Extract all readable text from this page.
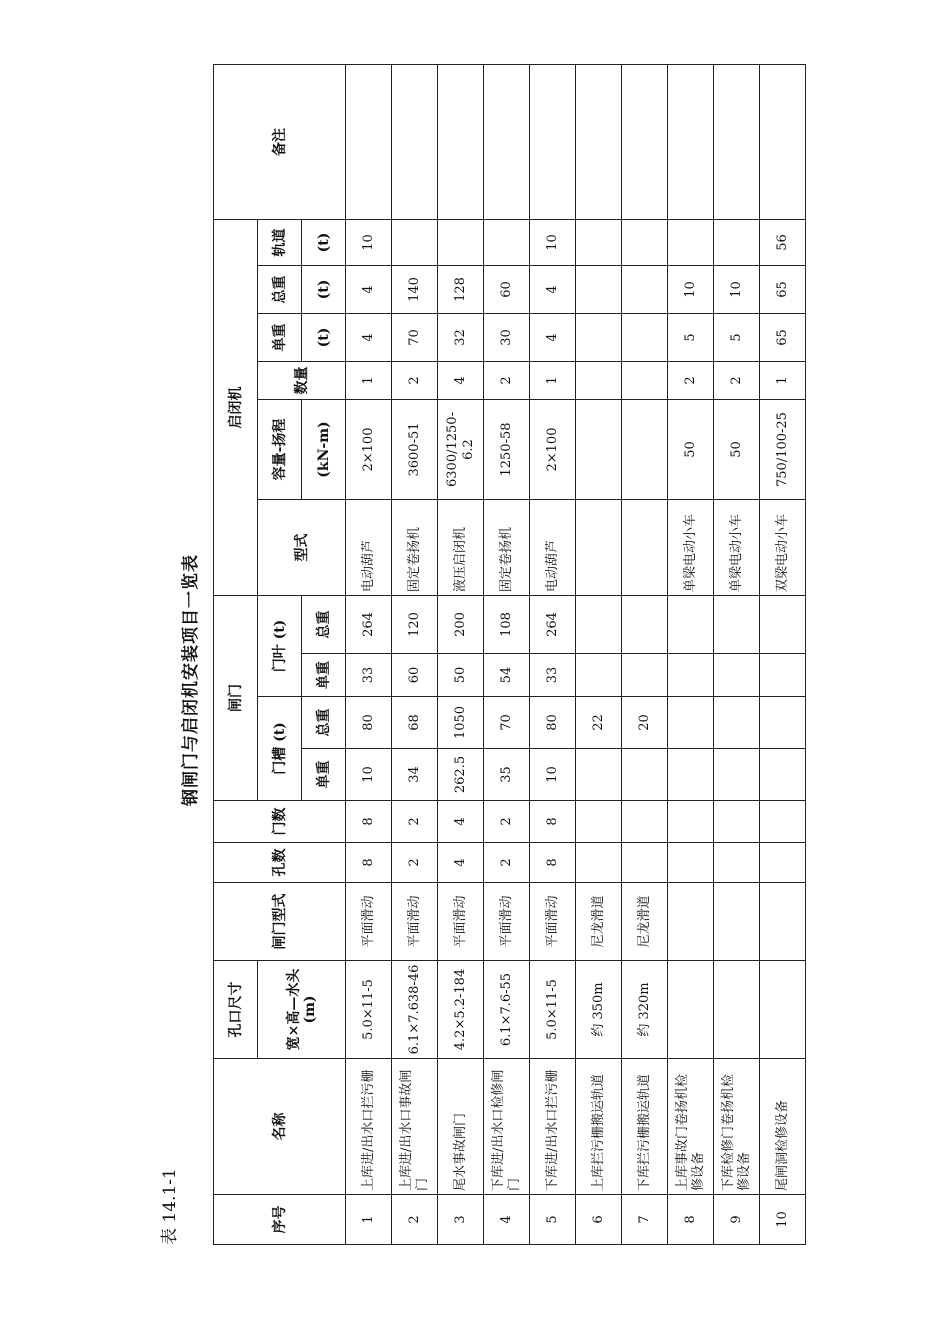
表 14.1-1
钢闸门与启闭机安装项目一览表
序号	名称	孔口尺寸	闸门型式	孔数	门数	闸门				启闭机						备注
		宽×高—水头(m)				门槽 (t)		门叶 (t)		型式	容量-扬程	数量	单重	总重	轨道	
						单重	总重	单重	总重		(kN-m)		(t)	(t)	(t)	
1	上库进/出水口拦污栅	5.0×11-5	平面滑动	8	8	10	80	33	264	电动葫芦	2×100	1	4	4	10	
2	上库进/出水口事故闸门	6.1×7.638-46	平面滑动	2	2	34	68	60	120	固定卷扬机	3600-51	2	70	140		
3	尾水事故闸门	4.2×5.2-184	平面滑动	4	4	262.5	1050	50	200	液压启闭机	6300/1250-6.2	4	32	128		
4	下库进/出水口检修闸门	6.1×7.6-55	平面滑动	2	2	35	70	54	108	固定卷扬机	1250-58	2	30	60		
5	下库进/出水口拦污栅	5.0×11-5	平面滑动	8	8	10	80	33	264	电动葫芦	2×100	1	4	4	10	
6	上库拦污栅搬运轨道	约 350m	尼龙滑道				22									
7	下库拦污栅搬运轨道	约 320m	尼龙滑道				20									
8	上库事故门卷扬机检修设备									单梁电动小车	50	2	5	10		
9	下库检修门卷扬机检修设备									单梁电动小车	50	2	5	10		
10	尾闸洞检修设备									双梁电动小车	750/100-25	1	65	65	56	
